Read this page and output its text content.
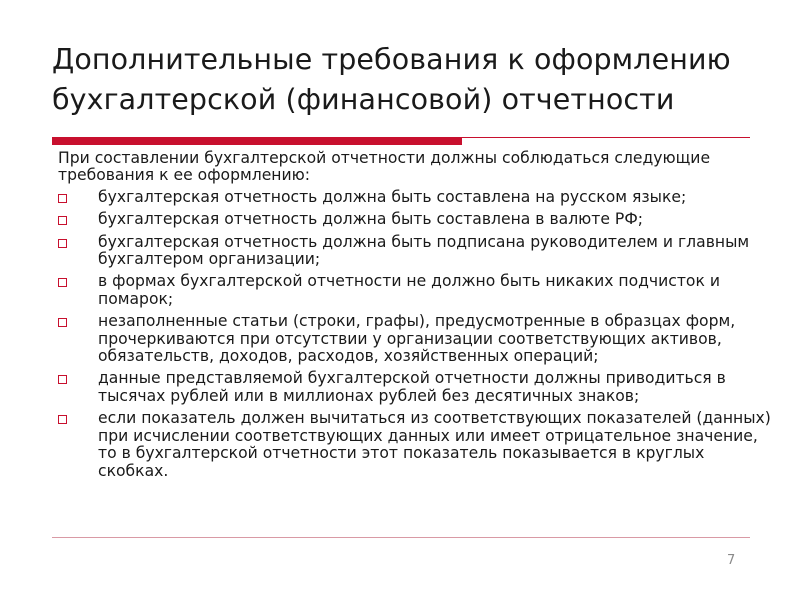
Дополнительные требования к оформлению бухгалтерской (финансовой) отчетности
При составлении бухгалтерской отчетности должны соблюдаться следующие требования к ее оформлению:
бухгалтерская отчетность должна быть составлена на русском языке;
бухгалтерская отчетность должна быть составлена в валюте РФ;
бухгалтерская отчетность должна быть подписана руководителем и главным бухгалтером организации;
в формах бухгалтерской отчетности не должно быть никаких подчисток и помарок;
незаполненные статьи (строки, графы), предусмотренные в образцах форм, прочеркиваются при отсутствии у организации соответствующих активов, обязательств, доходов, расходов, хозяйственных операций;
данные представляемой бухгалтерской отчетности должны приводиться в тысячах рублей или в миллионах рублей без десятичных знаков;
если показатель должен вычитаться из соответствующих показателей (данных) при исчислении соответствующих данных или имеет отрицательное значение, то в бухгалтерской отчетности этот показатель показывается в круглых скобках.
7
